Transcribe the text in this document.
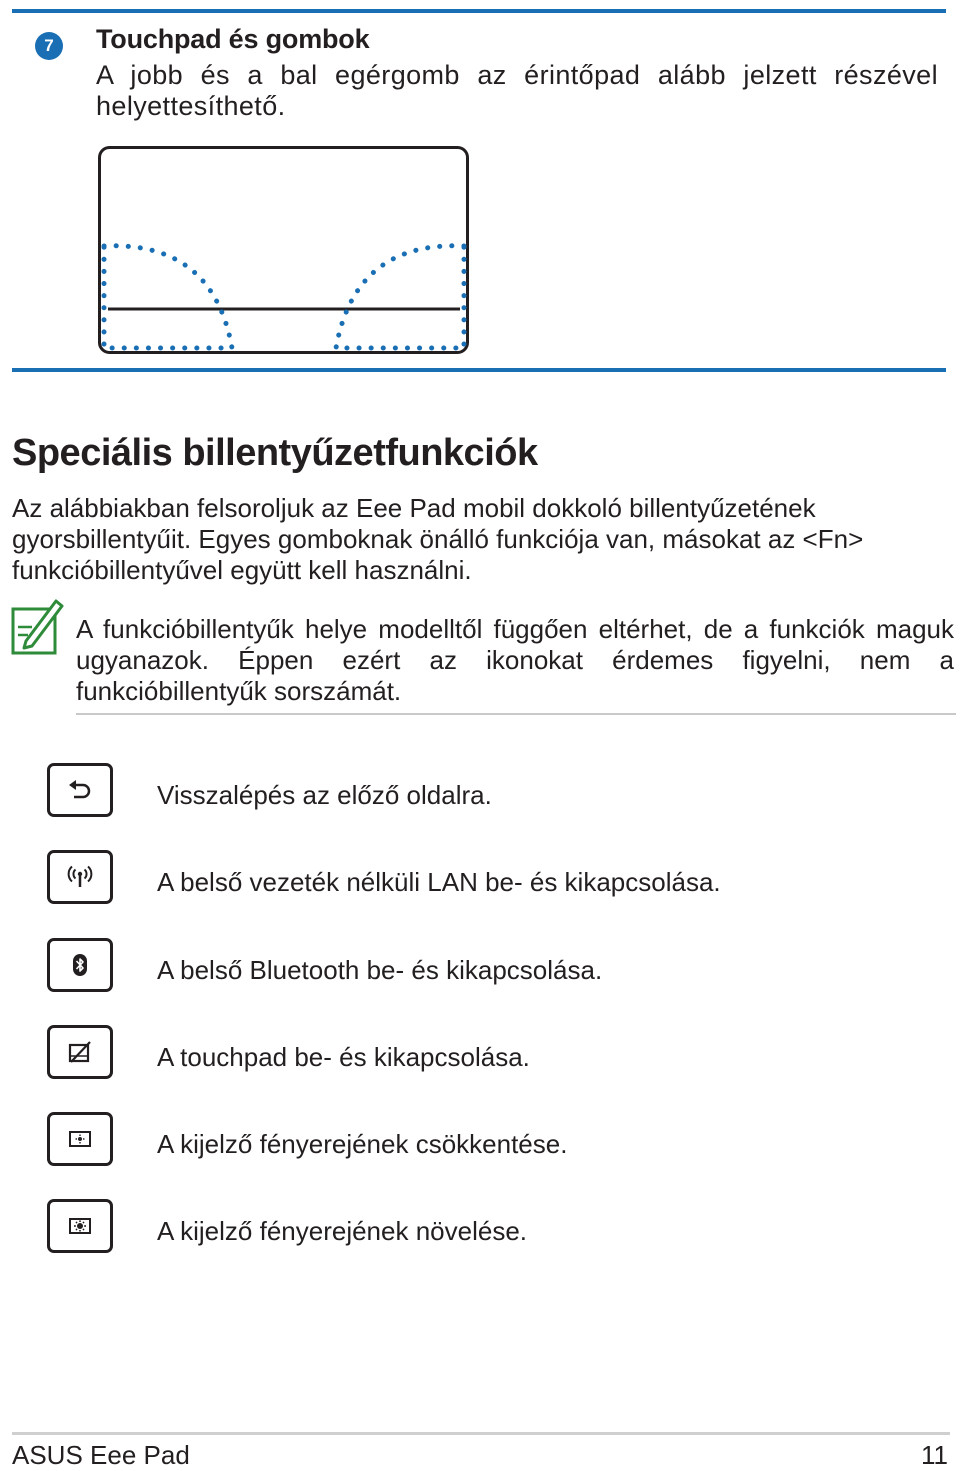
7	Touchpad és gombok
A jobb és a bal egérgomb az érintőpad alább jelzett részével helyettesíthető.
Speciális billentyűzetfunkciók
Az alábbiakban felsoroljuk az Eee Pad mobil dokkoló billentyűzetének gyorsbillentyűit. Egyes gomboknak önálló funkciója van, másokat az <Fn> funkcióbillentyűvel együtt kell használni.
A funkcióbillentyűk helye modelltől függően eltérhet, de a funkciók maguk ugyanazok. Éppen ezért az ikonokat érdemes figyelni, nem a funkcióbillentyűk sorszámát.
Visszalépés az előző oldalra.
A belső vezeték nélküli LAN be- és kikapcsolása.
A belső Bluetooth be- és kikapcsolása.
A touchpad be- és kikapcsolása.
A kijelző fényerejének csökkentése.
A kijelző fényerejének növelése.
ASUS Eee Pad	11
